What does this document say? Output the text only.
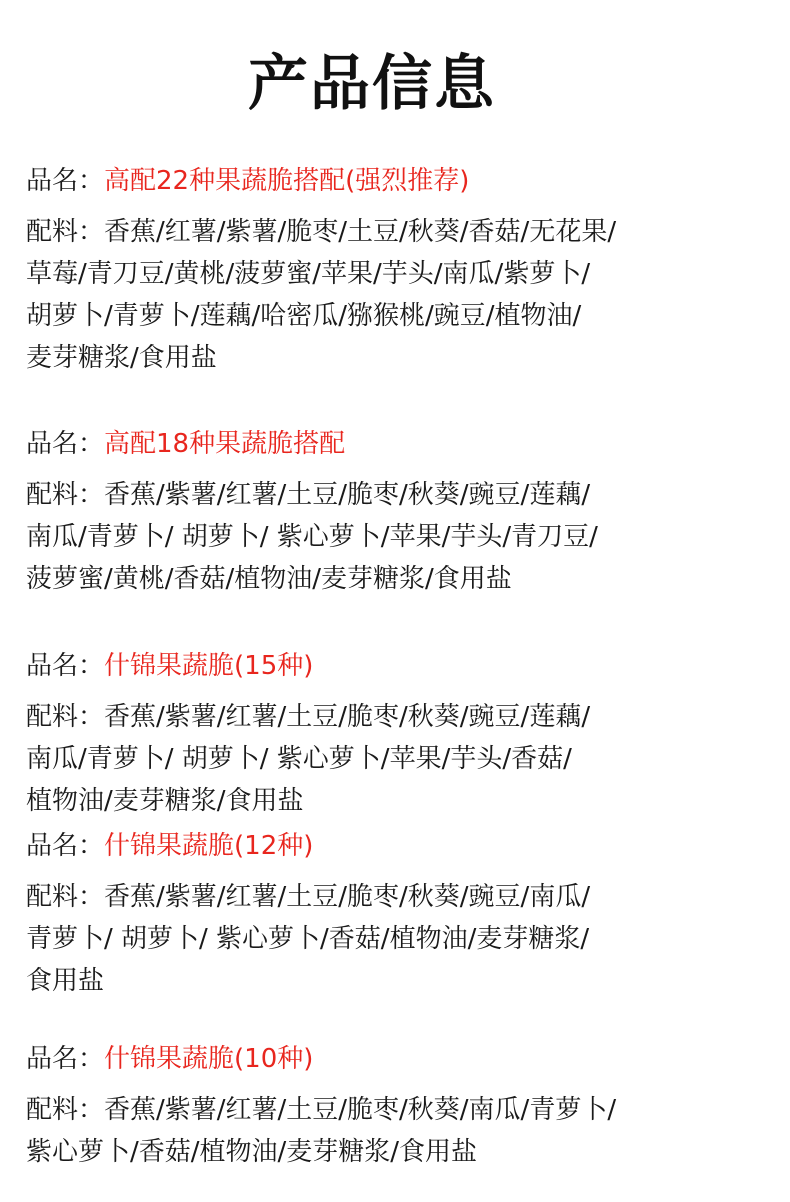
产品信息
品名：高配22种果蔬脆搭配(强烈推荐)
配料：香蕉/红薯/紫薯/脆枣/土豆/秋葵/香菇/无花果/
草莓/青刀豆/黄桃/菠萝蜜/苹果/芋头/南瓜/紫萝卜/
胡萝卜/青萝卜/莲藕/哈密瓜/猕猴桃/豌豆/植物油/
麦芽糖浆/食用盐
品名：高配18种果蔬脆搭配
配料：香蕉/紫薯/红薯/土豆/脆枣/秋葵/豌豆/莲藕/
南瓜/青萝卜/ 胡萝卜/ 紫心萝卜/苹果/芋头/青刀豆/
菠萝蜜/黄桃/香菇/植物油/麦芽糖浆/食用盐
品名：什锦果蔬脆(15种)
配料：香蕉/紫薯/红薯/土豆/脆枣/秋葵/豌豆/莲藕/
南瓜/青萝卜/ 胡萝卜/ 紫心萝卜/苹果/芋头/香菇/
植物油/麦芽糖浆/食用盐
品名：什锦果蔬脆(12种)
配料：香蕉/紫薯/红薯/土豆/脆枣/秋葵/豌豆/南瓜/
青萝卜/ 胡萝卜/ 紫心萝卜/香菇/植物油/麦芽糖浆/
食用盐
品名：什锦果蔬脆(10种)
配料：香蕉/紫薯/红薯/土豆/脆枣/秋葵/南瓜/青萝卜/
紫心萝卜/香菇/植物油/麦芽糖浆/食用盐
